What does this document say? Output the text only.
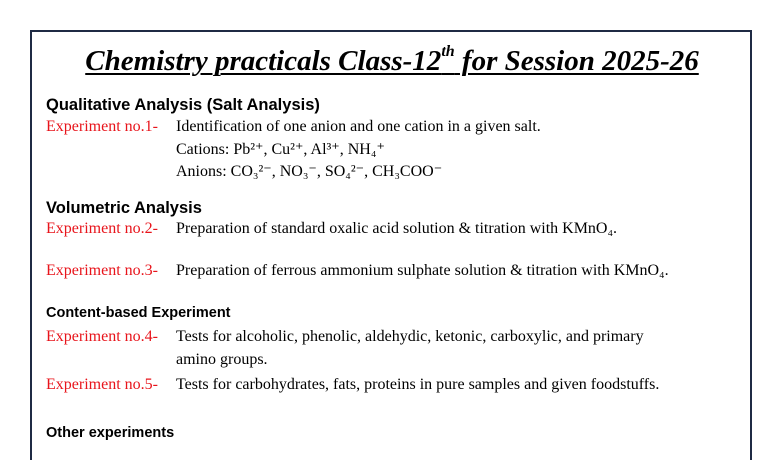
Chemistry practicals Class-12th for Session 2025-26
Qualitative Analysis (Salt Analysis)
Experiment no.1- Identification of one anion and one cation in a given salt.
Cations: Pb²⁺, Cu²⁺, Al³⁺, NH₄⁺
Anions: CO₃²⁻, NO₃⁻, SO₄²⁻, CH₃COO⁻
Volumetric Analysis
Experiment no.2- Preparation of standard oxalic acid solution & titration with KMnO₄.
Experiment no.3- Preparation of ferrous ammonium sulphate solution & titration with KMnO₄.
Content-based Experiment
Experiment no.4- Tests for alcoholic, phenolic, aldehydic, ketonic, carboxylic, and primary
amino groups.
Experiment no.5- Tests for carbohydrates, fats, proteins in pure samples and given foodstuffs.
Other experiments
